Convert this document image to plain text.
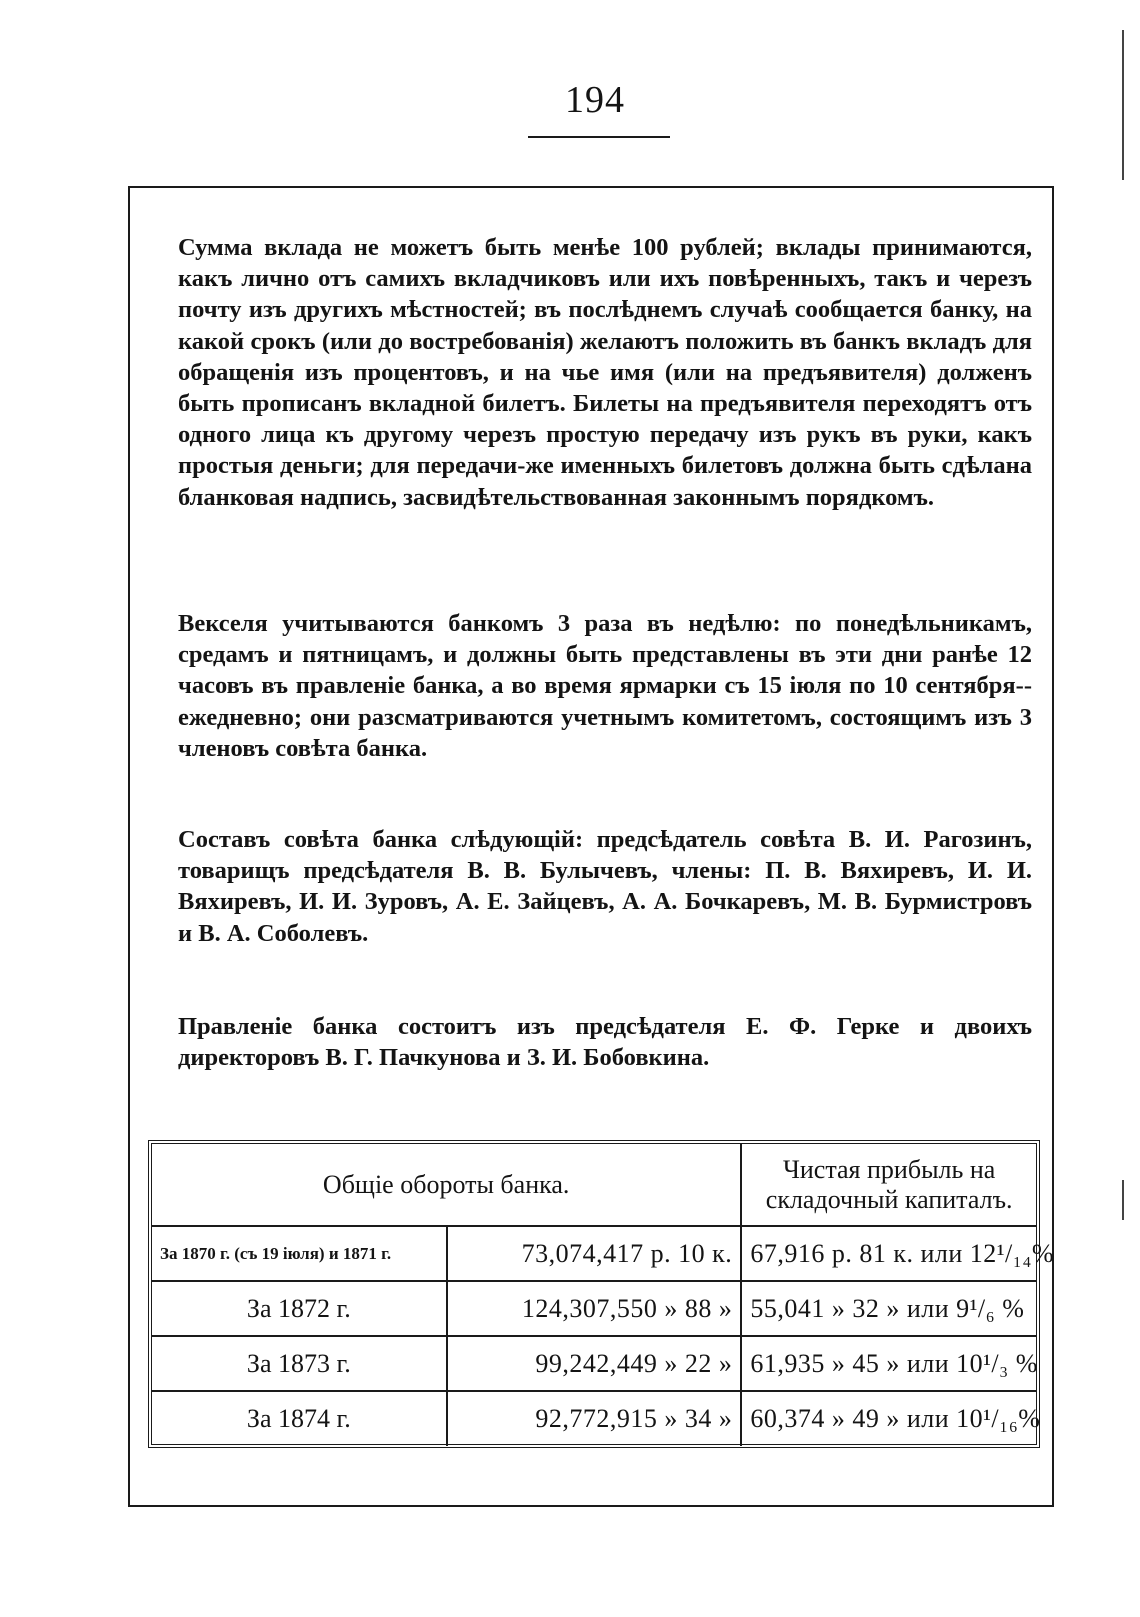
194

Сумма вклада не можетъ быть менѣе 100 рублей; вклады принимаются, какъ лично отъ самихъ вкладчиковъ или ихъ повѣренныхъ, такъ и черезъ почту изъ другихъ мѣстностей; въ послѣднемъ случаѣ сообщается банку, на какой срокъ (или до востребованія) желаютъ положить въ банкъ вкладъ для обращенія изъ процентовъ, и на чье имя (или на предъявителя) долженъ быть прописанъ вкладной билетъ. Билеты на предъявителя переходятъ отъ одного лица къ другому черезъ простую передачу изъ рукъ въ руки, какъ простыя деньги; для передачи-же именныхъ билетовъ должна быть сдѣлана бланковая надпись, засвидѣтельствованная законнымъ порядкомъ.

Векселя учитываются банкомъ 3 раза въ недѣлю: по понедѣльникамъ, средамъ и пятницамъ, и должны быть представлены въ эти дни ранѣе 12 часовъ въ правленіе банка, а во время ярмарки съ 15 іюля по 10 сентября--ежедневно; они разсматриваются учетнымъ комитетомъ, состоящимъ изъ 3 членовъ совѣта банка.

Составъ совѣта банка слѣдующій: предсѣдатель совѣта В. И. Рагозинъ, товарищъ предсѣдателя В. В. Булычевъ, члены: П. В. Вяхиревъ, И. И. Вяхиревъ, И. И. Зуровъ, А. Е. Зайцевъ, А. А. Бочкаревъ, М. В. Бурмистровъ и В. А. Соболевъ.

Правленіе банка состоитъ изъ предсѣдателя Е. Ф. Герке и двоихъ директоровъ В. Г. Пачкунова и З. И. Бобовкина.

Общіе обороты банка.		Чистая прибыль на складочный капиталъ.
За 1870 г. (съ 19 іюля) и 1871 г.	73,074,417 р. 10 к.	67,916 р. 81 к. или 12¹/₁₄%
За 1872 г.	124,307,550 » 88 »	55,041 » 32 » или 9¹/₆ %
За 1873 г.	99,242,449 » 22 »	61,935 » 45 » или 10¹/₃ %
За 1874 г.	92,772,915 » 34 »	60,374 » 49 » или 10¹/₁₆%
